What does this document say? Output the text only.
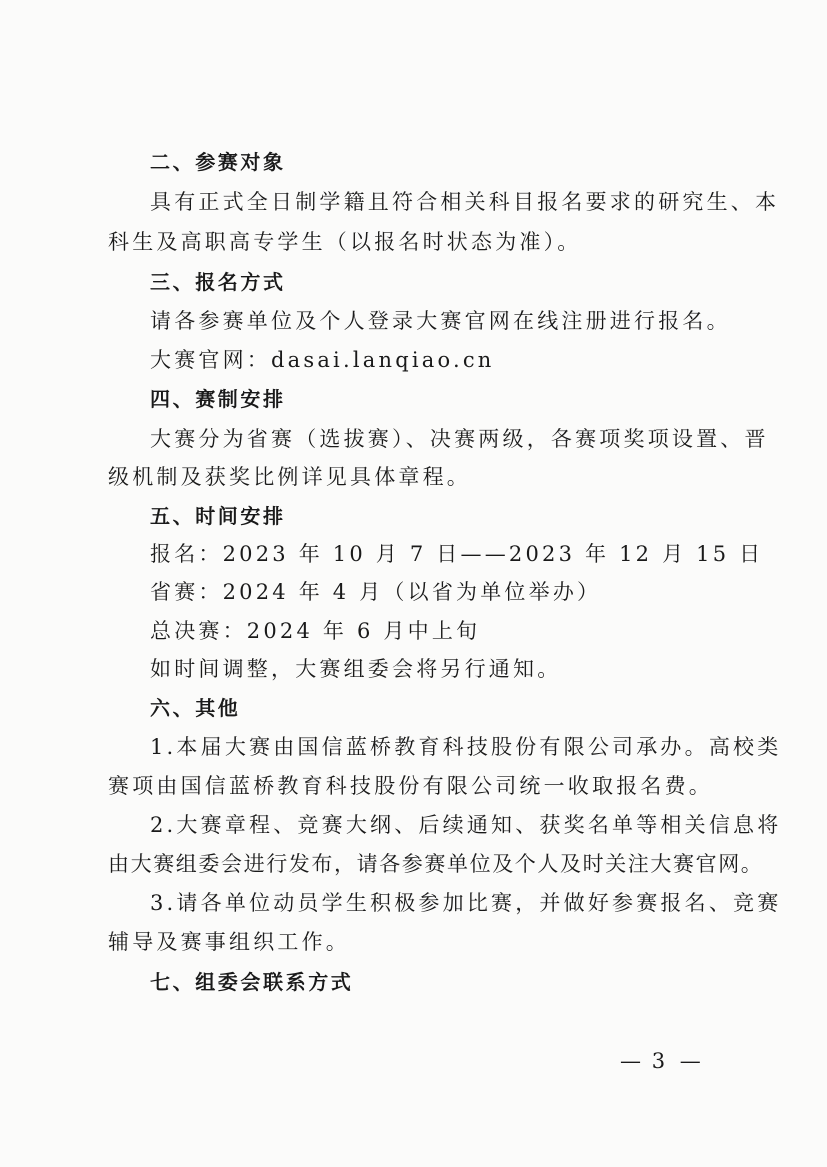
二、参赛对象
具有正式全日制学籍且符合相关科目报名要求的研究生、本
科生及高职高专学生（以报名时状态为准）。
三、报名方式
请各参赛单位及个人登录大赛官网在线注册进行报名。
大赛官网：dasai.lanqiao.cn
四、赛制安排
大赛分为省赛（选拔赛）、决赛两级，各赛项奖项设置、晋
级机制及获奖比例详见具体章程。
五、时间安排
报名：2023 年 10 月 7 日——2023 年 12 月 15 日
省赛：2024 年 4 月（以省为单位举办）
总决赛：2024 年 6 月中上旬
如时间调整，大赛组委会将另行通知。
六、其他
1.本届大赛由国信蓝桥教育科技股份有限公司承办。高校类
赛项由国信蓝桥教育科技股份有限公司统一收取报名费。
2.大赛章程、竞赛大纲、后续通知、获奖名单等相关信息将
由大赛组委会进行发布，请各参赛单位及个人及时关注大赛官网。
3.请各单位动员学生积极参加比赛，并做好参赛报名、竞赛
辅导及赛事组织工作。
七、组委会联系方式
— 3 —
